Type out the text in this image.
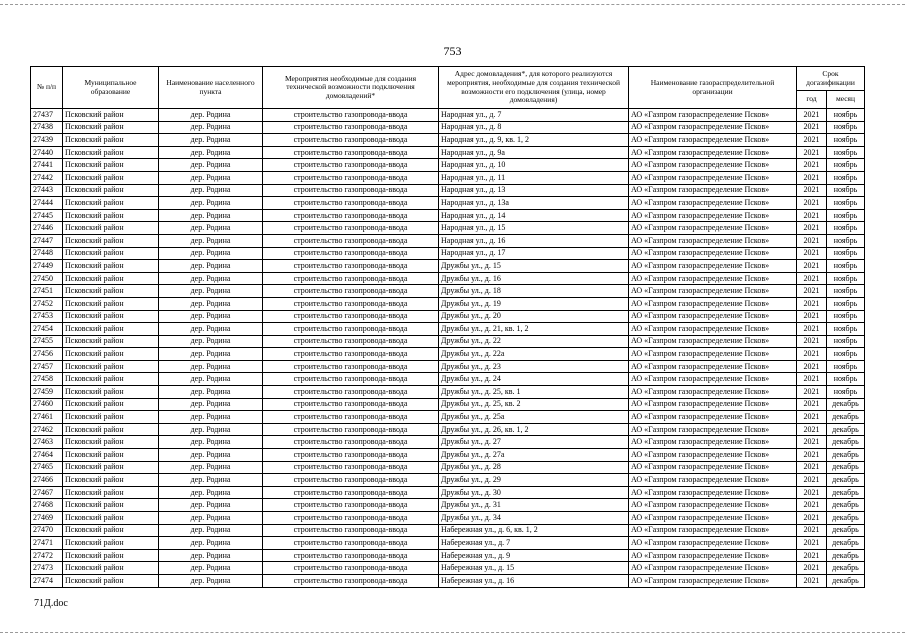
753
№ п/п	Муниципальное образование	Наименование населенного пункта	Мероприятия необходимые для создания технической возможности подключения домовладений*	Адрес домовладения*, для которого реализуются мероприятия, необходимые для создания технической возможности его подключения (улица, номер домовладения)	Наименование газораспределительной организации	Срок догазификации	
						год	месяц
27437	Псковский район	дер. Родина	строительство газопровода-ввода	Народная ул., д. 7	АО «Газпром газораспределение Псков»	2021	ноябрь
27438	Псковский район	дер. Родина	строительство газопровода-ввода	Народная ул., д. 8	АО «Газпром газораспределение Псков»	2021	ноябрь
27439	Псковский район	дер. Родина	строительство газопровода-ввода	Народная ул., д. 9, кв. 1, 2	АО «Газпром газораспределение Псков»	2021	ноябрь
27440	Псковский район	дер. Родина	строительство газопровода-ввода	Народная ул., д. 9а	АО «Газпром газораспределение Псков»	2021	ноябрь
27441	Псковский район	дер. Родина	строительство газопровода-ввода	Народная ул., д. 10	АО «Газпром газораспределение Псков»	2021	ноябрь
27442	Псковский район	дер. Родина	строительство газопровода-ввода	Народная ул., д. 11	АО «Газпром газораспределение Псков»	2021	ноябрь
27443	Псковский район	дер. Родина	строительство газопровода-ввода	Народная ул., д. 13	АО «Газпром газораспределение Псков»	2021	ноябрь
27444	Псковский район	дер. Родина	строительство газопровода-ввода	Народная ул., д. 13а	АО «Газпром газораспределение Псков»	2021	ноябрь
27445	Псковский район	дер. Родина	строительство газопровода-ввода	Народная ул., д. 14	АО «Газпром газораспределение Псков»	2021	ноябрь
27446	Псковский район	дер. Родина	строительство газопровода-ввода	Народная ул., д. 15	АО «Газпром газораспределение Псков»	2021	ноябрь
27447	Псковский район	дер. Родина	строительство газопровода-ввода	Народная ул., д. 16	АО «Газпром газораспределение Псков»	2021	ноябрь
27448	Псковский район	дер. Родина	строительство газопровода-ввода	Народная ул., д. 17	АО «Газпром газораспределение Псков»	2021	ноябрь
27449	Псковский район	дер. Родина	строительство газопровода-ввода	Дружбы ул., д. 15	АО «Газпром газораспределение Псков»	2021	ноябрь
27450	Псковский район	дер. Родина	строительство газопровода-ввода	Дружбы ул., д. 16	АО «Газпром газораспределение Псков»	2021	ноябрь
27451	Псковский район	дер. Родина	строительство газопровода-ввода	Дружбы ул., д. 18	АО «Газпром газораспределение Псков»	2021	ноябрь
27452	Псковский район	дер. Родина	строительство газопровода-ввода	Дружбы ул., д. 19	АО «Газпром газораспределение Псков»	2021	ноябрь
27453	Псковский район	дер. Родина	строительство газопровода-ввода	Дружбы ул., д. 20	АО «Газпром газораспределение Псков»	2021	ноябрь
27454	Псковский район	дер. Родина	строительство газопровода-ввода	Дружбы ул., д. 21, кв. 1, 2	АО «Газпром газораспределение Псков»	2021	ноябрь
27455	Псковский район	дер. Родина	строительство газопровода-ввода	Дружбы ул., д. 22	АО «Газпром газораспределение Псков»	2021	ноябрь
27456	Псковский район	дер. Родина	строительство газопровода-ввода	Дружбы ул., д. 22а	АО «Газпром газораспределение Псков»	2021	ноябрь
27457	Псковский район	дер. Родина	строительство газопровода-ввода	Дружбы ул., д. 23	АО «Газпром газораспределение Псков»	2021	ноябрь
27458	Псковский район	дер. Родина	строительство газопровода-ввода	Дружбы ул., д. 24	АО «Газпром газораспределение Псков»	2021	ноябрь
27459	Псковский район	дер. Родина	строительство газопровода-ввода	Дружбы ул., д. 25, кв. 1	АО «Газпром газораспределение Псков»	2021	ноябрь
27460	Псковский район	дер. Родина	строительство газопровода-ввода	Дружбы ул., д. 25, кв. 2	АО «Газпром газораспределение Псков»	2021	декабрь
27461	Псковский район	дер. Родина	строительство газопровода-ввода	Дружбы ул., д. 25а	АО «Газпром газораспределение Псков»	2021	декабрь
27462	Псковский район	дер. Родина	строительство газопровода-ввода	Дружбы ул., д. 26, кв. 1, 2	АО «Газпром газораспределение Псков»	2021	декабрь
27463	Псковский район	дер. Родина	строительство газопровода-ввода	Дружбы ул., д. 27	АО «Газпром газораспределение Псков»	2021	декабрь
27464	Псковский район	дер. Родина	строительство газопровода-ввода	Дружбы ул., д. 27а	АО «Газпром газораспределение Псков»	2021	декабрь
27465	Псковский район	дер. Родина	строительство газопровода-ввода	Дружбы ул., д. 28	АО «Газпром газораспределение Псков»	2021	декабрь
27466	Псковский район	дер. Родина	строительство газопровода-ввода	Дружбы ул., д. 29	АО «Газпром газораспределение Псков»	2021	декабрь
27467	Псковский район	дер. Родина	строительство газопровода-ввода	Дружбы ул., д. 30	АО «Газпром газораспределение Псков»	2021	декабрь
27468	Псковский район	дер. Родина	строительство газопровода-ввода	Дружбы ул., д. 31	АО «Газпром газораспределение Псков»	2021	декабрь
27469	Псковский район	дер. Родина	строительство газопровода-ввода	Дружбы ул., д. 34	АО «Газпром газораспределение Псков»	2021	декабрь
27470	Псковский район	дер. Родина	строительство газопровода-ввода	Набережная ул., д. 6, кв. 1, 2	АО «Газпром газораспределение Псков»	2021	декабрь
27471	Псковский район	дер. Родина	строительство газопровода-ввода	Набережная ул., д. 7	АО «Газпром газораспределение Псков»	2021	декабрь
27472	Псковский район	дер. Родина	строительство газопровода-ввода	Набережная ул., д. 9	АО «Газпром газораспределение Псков»	2021	декабрь
27473	Псковский район	дер. Родина	строительство газопровода-ввода	Набережная ул., д. 15	АО «Газпром газораспределение Псков»	2021	декабрь
27474	Псковский район	дер. Родина	строительство газопровода-ввода	Набережная ул., д. 16	АО «Газпром газораспределение Псков»	2021	декабрь
71Д.doc
